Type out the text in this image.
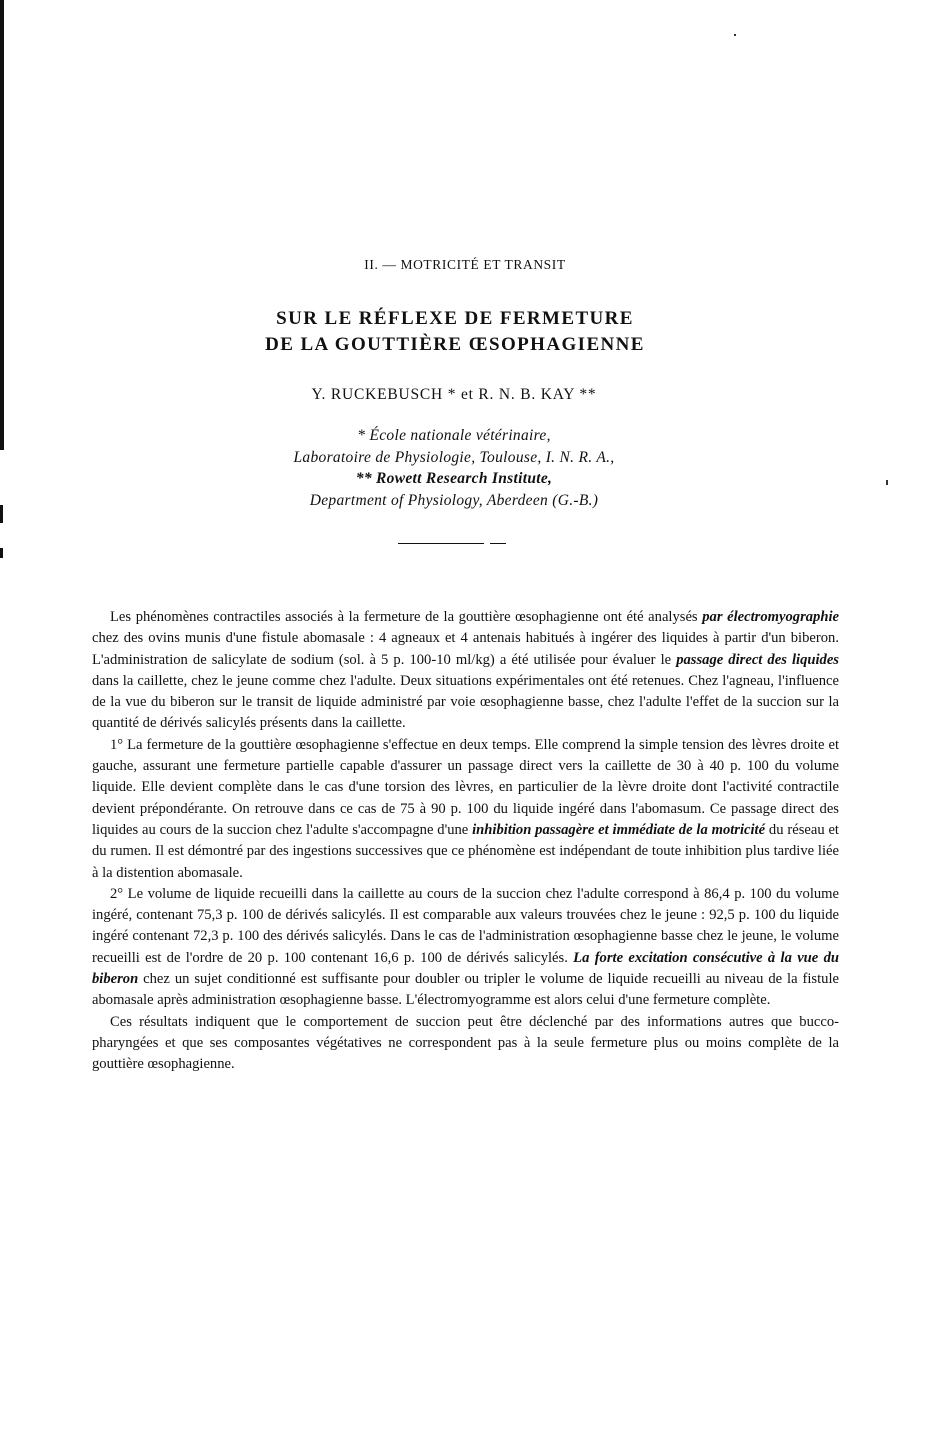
II. — MOTRICITÉ ET TRANSIT
SUR LE RÉFLEXE DE FERMETURE
DE LA GOUTTIÈRE ŒSOPHAGIENNE
Y. RUCKEBUSCH * et R. N. B. KAY **
* École nationale vétérinaire,
Laboratoire de Physiologie, Toulouse, I. N. R. A.,
** Rowett Research Institute,
Department of Physiology, Aberdeen (G.-B.)

Les phénomènes contractiles associés à la fermeture de la gouttière œsophagienne ont été analysés par électromyographie chez des ovins munis d'une fistule abomasale : 4 agneaux et 4 antenais habitués à ingérer des liquides à partir d'un biberon. L'administration de salicylate de sodium (sol. à 5 p. 100-10 ml/kg) a été utilisée pour évaluer le passage direct des liquides dans la caillette, chez le jeune comme chez l'adulte. Deux situations expérimentales ont été retenues. Chez l'agneau, l'influence de la vue du biberon sur le transit de liquide administré par voie œsophagienne basse, chez l'adulte l'effet de la succion sur la quantité de dérivés salicylés présents dans la caillette.

1° La fermeture de la gouttière œsophagienne s'effectue en deux temps. Elle comprend la simple tension des lèvres droite et gauche, assurant une fermeture partielle capable d'assurer un passage direct vers la caillette de 30 à 40 p. 100 du volume liquide. Elle devient complète dans le cas d'une torsion des lèvres, en particulier de la lèvre droite dont l'activité contractile devient prépondérante. On retrouve dans ce cas de 75 à 90 p. 100 du liquide ingéré dans l'abomasum. Ce passage direct des liquides au cours de la succion chez l'adulte s'accompagne d'une inhibition passagère et immédiate de la motricité du réseau et du rumen. Il est démontré par des ingestions successives que ce phénomène est indépendant de toute inhibition plus tardive liée à la distention abomasale.

2° Le volume de liquide recueilli dans la caillette au cours de la succion chez l'adulte correspond à 86,4 p. 100 du volume ingéré, contenant 75,3 p. 100 de dérivés salicylés. Il est comparable aux valeurs trouvées chez le jeune : 92,5 p. 100 du liquide ingéré contenant 72,3 p. 100 des dérivés salicylés. Dans le cas de l'administration œsophagienne basse chez le jeune, le volume recueilli est de l'ordre de 20 p. 100 contenant 16,6 p. 100 de dérivés salicylés. La forte excitation consécutive à la vue du biberon chez un sujet conditionné est suffisante pour doubler ou tripler le volume de liquide recueilli au niveau de la fistule abomasale après administration œsophagienne basse. L'électromyogramme est alors celui d'une fermeture complète.

Ces résultats indiquent que le comportement de succion peut être déclenché par des informations autres que bucco-pharyngées et que ses composantes végétatives ne correspondent pas à la seule fermeture plus ou moins complète de la gouttière œsophagienne.
